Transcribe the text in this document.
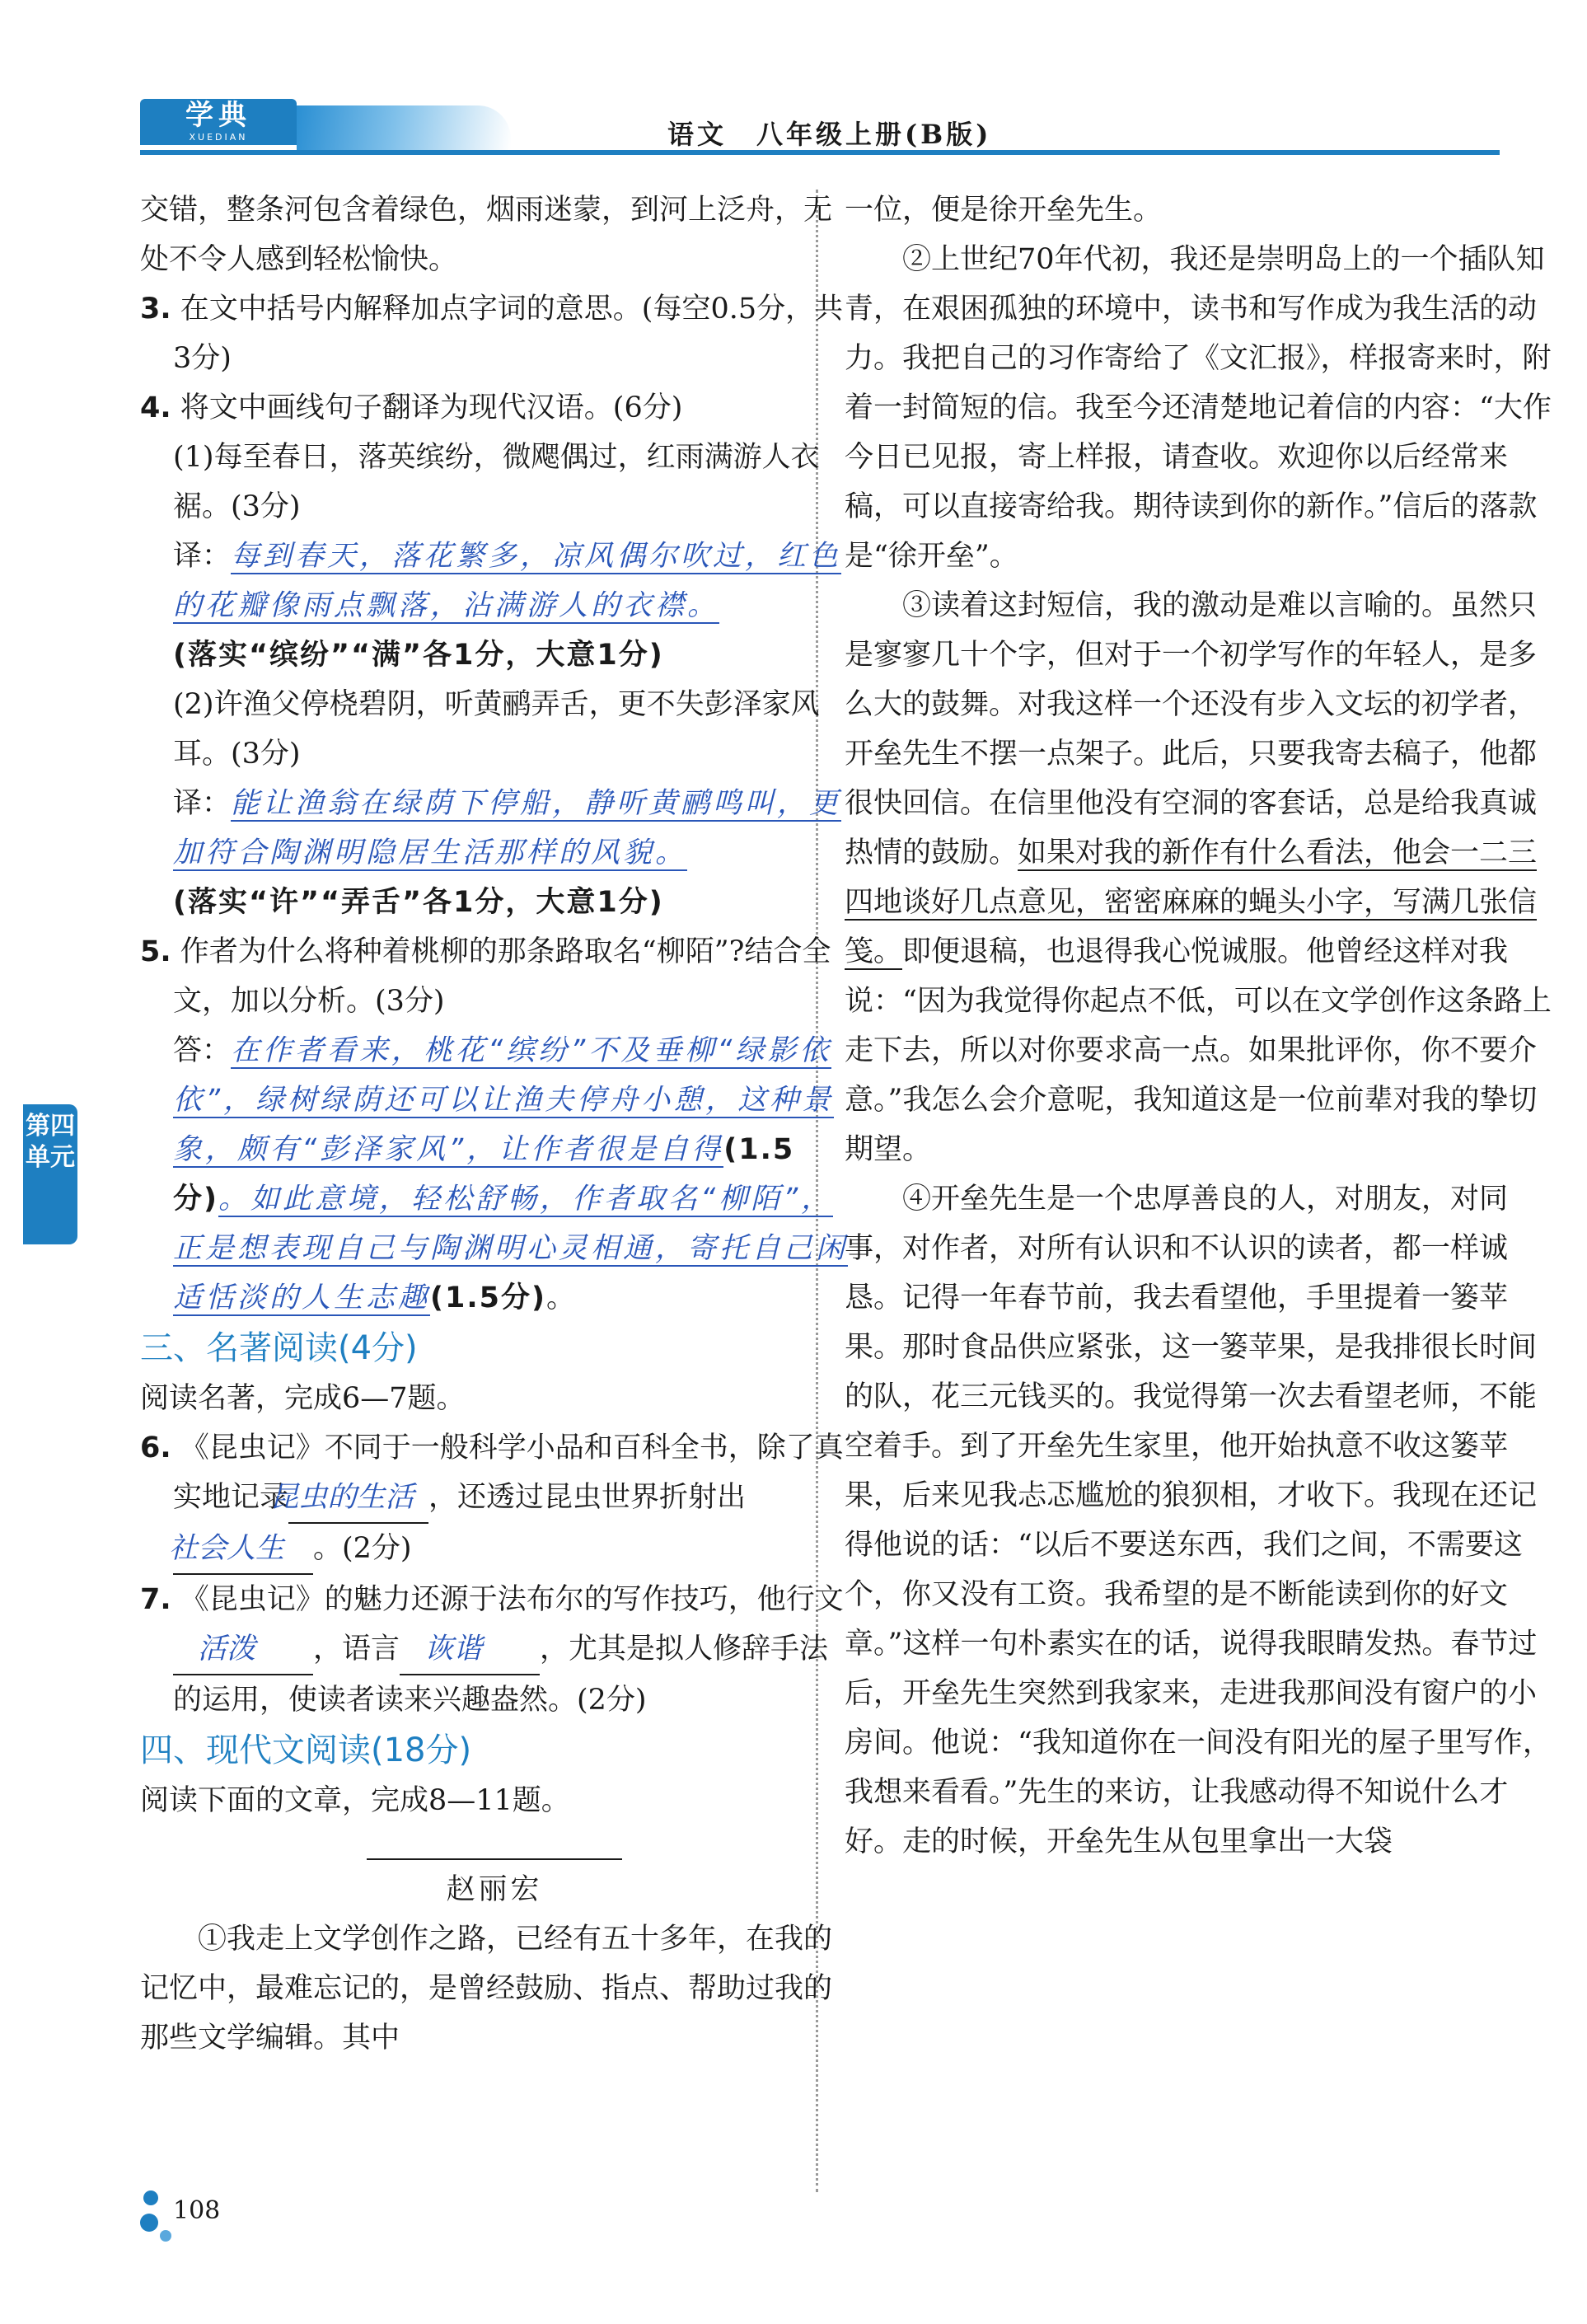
学典
XUEDIAN	语文　八年级上册(B版)

交错，整条河包含着绿色，烟雨迷蒙，到河上泛舟，无处不令人感到轻松愉快。

3. 在文中括号内解释加点字词的意思。(每空0.5分，共3分)

4. 将文中画线句子翻译为现代汉语。(6分)

(1)每至春日，落英缤纷，微飔偶过，红雨满游人衣裾。(3分)

译：每到春天，落花繁多，凉风偶尔吹过，红色的花瓣像雨点飘落，沾满游人的衣襟。

(落实“缤纷”“满”各1分，大意1分)

(2)许渔父停桡碧阴，听黄鹂弄舌，更不失彭泽家风耳。(3分)

译：能让渔翁在绿荫下停船，静听黄鹂鸣叫，更加符合陶渊明隐居生活那样的风貌。

(落实“许”“弄舌”各1分，大意1分)

5. 作者为什么将种着桃柳的那条路取名“柳陌”?结合全文，加以分析。(3分)

答：在作者看来，桃花“缤纷”不及垂柳“绿影依依”，绿树绿荫还可以让渔夫停舟小憩，这种景象，颇有“彭泽家风”，让作者很是自得(1.5分)。如此意境，轻松舒畅，作者取名“柳陌”，正是想表现自己与陶渊明心灵相通，寄托自己闲适恬淡的人生志趣(1.5分)。

三、名著阅读(4分)

阅读名著，完成6—7题。

6. 《昆虫记》不同于一般科学小品和百科全书，除了真实地记录昆虫的生活 ，还透过昆虫世界折射出社会人生 。(2分)

7. 《昆虫记》的魅力还源于法布尔的写作技巧，他行文活泼 ，语言 诙谐 ，尤其是拟人修辞手法的运用，使读者读来兴趣盎然。(2分)

四、现代文阅读(18分)

阅读下面的文章，完成8—11题。

赵丽宏

①我走上文学创作之路，已经有五十多年，在我的记忆中，最难忘记的，是曾经鼓励、指点、帮助过我的那些文学编辑。其中

一位，便是徐开垒先生。

②上世纪70年代初，我还是崇明岛上的一个插队知青，在艰困孤独的环境中，读书和写作成为我生活的动力。我把自己的习作寄给了《文汇报》，样报寄来时，附着一封简短的信。我至今还清楚地记着信的内容：“大作今日已见报，寄上样报，请查收。欢迎你以后经常来稿，可以直接寄给我。期待读到你的新作。”信后的落款是“徐开垒”。

③读着这封短信，我的激动是难以言喻的。虽然只是寥寥几十个字，但对于一个初学写作的年轻人，是多么大的鼓舞。对我这样一个还没有步入文坛的初学者，开垒先生不摆一点架子。此后，只要我寄去稿子，他都很快回信。在信里他没有空洞的客套话，总是给我真诚热情的鼓励。如果对我的新作有什么看法，他会一二三四地谈好几点意见，密密麻麻的蝇头小字，写满几张信笺。即便退稿，也退得我心悦诚服。他曾经这样对我说：“因为我觉得你起点不低，可以在文学创作这条路上走下去，所以对你要求高一点。如果批评你，你不要介意。”我怎么会介意呢，我知道这是一位前辈对我的挚切期望。

④开垒先生是一个忠厚善良的人，对朋友，对同事，对作者，对所有认识和不认识的读者，都一样诚恳。记得一年春节前，我去看望他，手里提着一篓苹果。那时食品供应紧张，这一篓苹果，是我排很长时间的队，花三元钱买的。我觉得第一次去看望老师，不能空着手。到了开垒先生家里，他开始执意不收这篓苹果，后来见我忐忑尴尬的狼狈相，才收下。我现在还记得他说的话：“以后不要送东西，我们之间，不需要这个，你又没有工资。我希望的是不断能读到你的好文章。”这样一句朴素实在的话，说得我眼睛发热。春节过后，开垒先生突然到我家来，走进我那间没有窗户的小房间。他说：“我知道你在一间没有阳光的屋子里写作，我想来看看。”先生的来访，让我感动得不知说什么才好。走的时候，开垒先生从包里拿出一大袋

第四单元
108
